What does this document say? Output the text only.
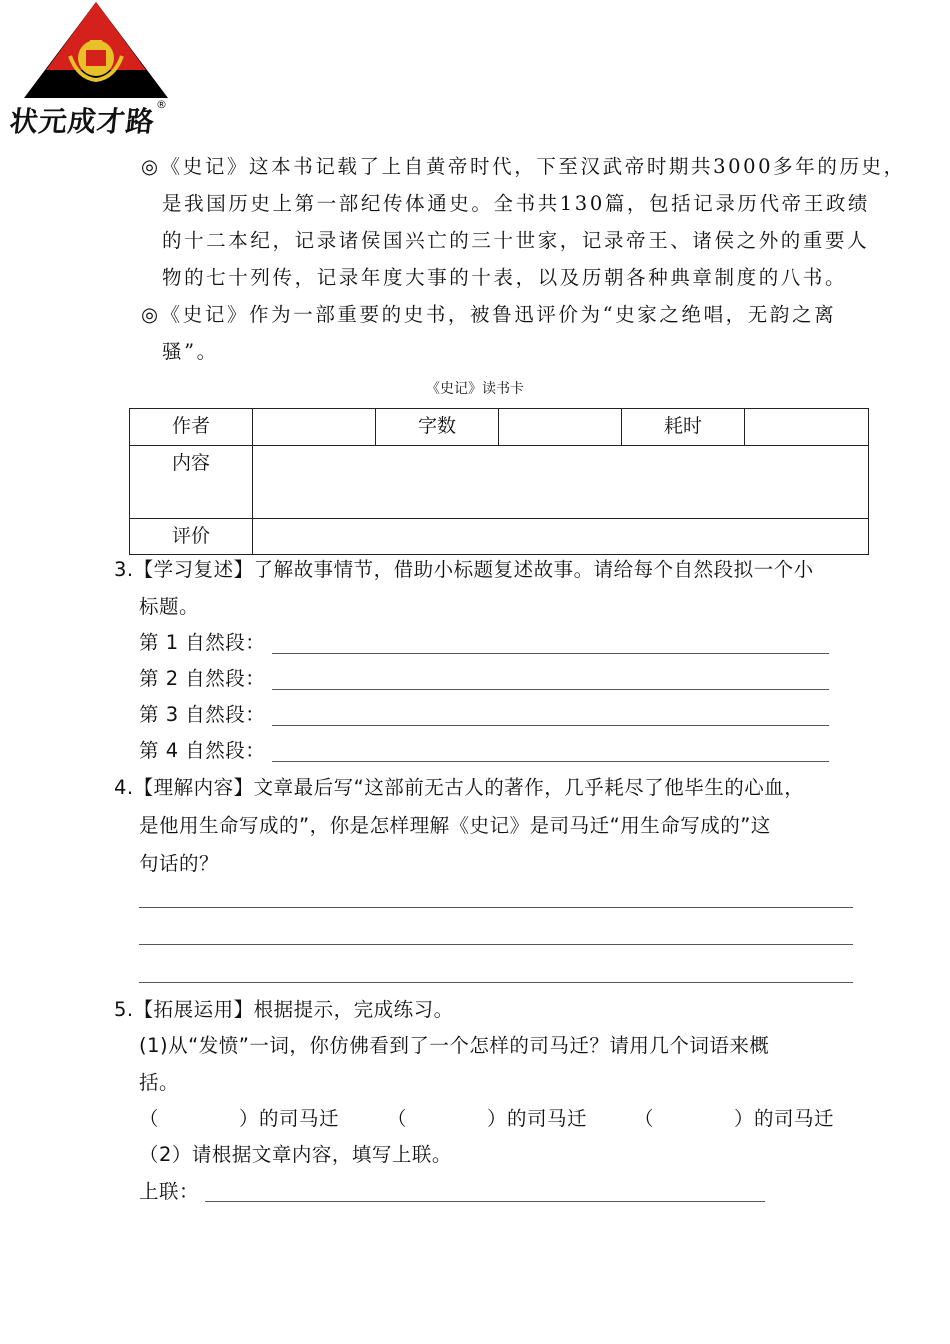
状元成才路
®
◎《史记》这本书记载了上自黄帝时代，下至汉武帝时期共3000多年的历史，
是我国历史上第一部纪传体通史。全书共130篇，包括记录历代帝王政绩
的十二本纪，记录诸侯国兴亡的三十世家，记录帝王、诸侯之外的重要人
物的七十列传，记录年度大事的十表，以及历朝各种典章制度的八书。
◎《史记》作为一部重要的史书，被鲁迅评价为“史家之绝唱，无韵之离
骚”。
《史记》读书卡
作者		字数		耗时	
内容					
评价					
3.【学习复述】了解故事情节，借助小标题复述故事。请给每个自然段拟一个小
标题。
第 1 自然段：
第 2 自然段：
第 3 自然段：
第 4 自然段：
4.【理解内容】文章最后写“这部前无古人的著作，几乎耗尽了他毕生的心血，
是他用生命写成的”，你是怎样理解《史记》是司马迁“用生命写成的”这
句话的？
5.【拓展运用】根据提示，完成练习。
(1)从“发愤”一词，你仿佛看到了一个怎样的司马迁？请用几个词语来概
括。
（　　　　）的司马迁 （　　　　）的司马迁 （　　　　）的司马迁
（2）请根据文章内容，填写上联。
上联：
